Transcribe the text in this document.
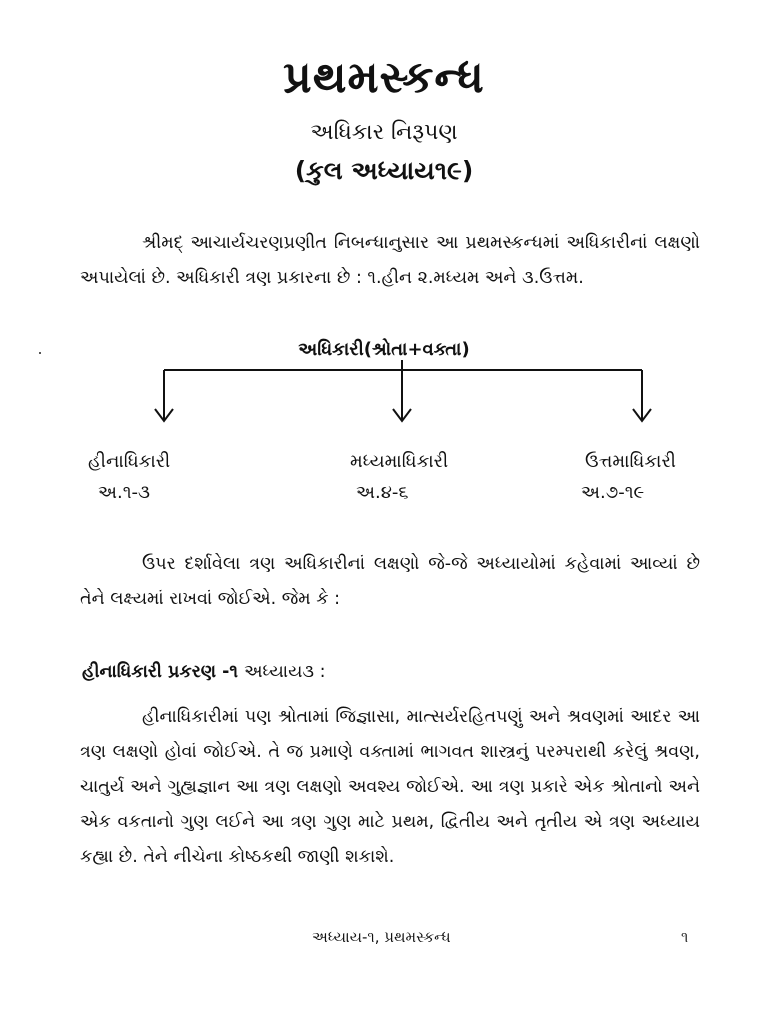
પ્રથમસ્કન્ધ
અધિકાર નિરૂપણ
(કુલ અધ્યાય૧૯)
શ્રીમદ્ આચાર્યચરણપ્રણીત નિબન્ધાનુસાર આ પ્રથમસ્કન્ધમાં અધિકારીનાં લક્ષણો અપાયેલાં છે. અધિકારી ત્રણ પ્રકારના છે : ૧.હીન ૨.મધ્યમ અને ૩.ઉત્તમ.
અધિકારી(શ્રોતા+વક્તા)
હીનાધિકારી
અ.૧-૩
મધ્યમાધિકારી
અ.૪-૬
ઉત્તમાધિકારી
અ.૭-૧૯
ઉપર દર્શાવેલા ત્રણ અધિકારીનાં લક્ષણો જે-જે અધ્યાયોમાં કહેવામાં આવ્યાં છે તેને લક્ષ્યમાં રાખવાં જોઈએ. જેમ કે :
હીનાધિકારી પ્રકરણ -૧ અધ્યાય૩ :
હીનાધિકારીમાં પણ શ્રોતામાં જિજ્ઞાસા, માત્સર્યરહિતપણું અને શ્રવણમાં આદર આ ત્રણ લક્ષણો હોવાં જોઈએ. તે જ પ્રમાણે વક્તામાં ભાગવત શાસ્ત્રનું પરમ્પરાથી કરેલું શ્રવણ, ચાતુર્ય અને ગુહ્યજ્ઞાન આ ત્રણ લક્ષણો અવશ્ય જોઈએ. આ ત્રણ પ્રકારે એક શ્રોતાનો અને એક વકતાનો ગુણ લઈને આ ત્રણ ગુણ માટે પ્રથમ, દ્વિતીય અને તૃતીય એ ત્રણ અધ્યાય કહ્યા છે. તેને નીચેના કોષ્ઠકથી જાણી શકાશે.
અધ્યાય-૧, પ્રથમસ્કન્ધ	૧
